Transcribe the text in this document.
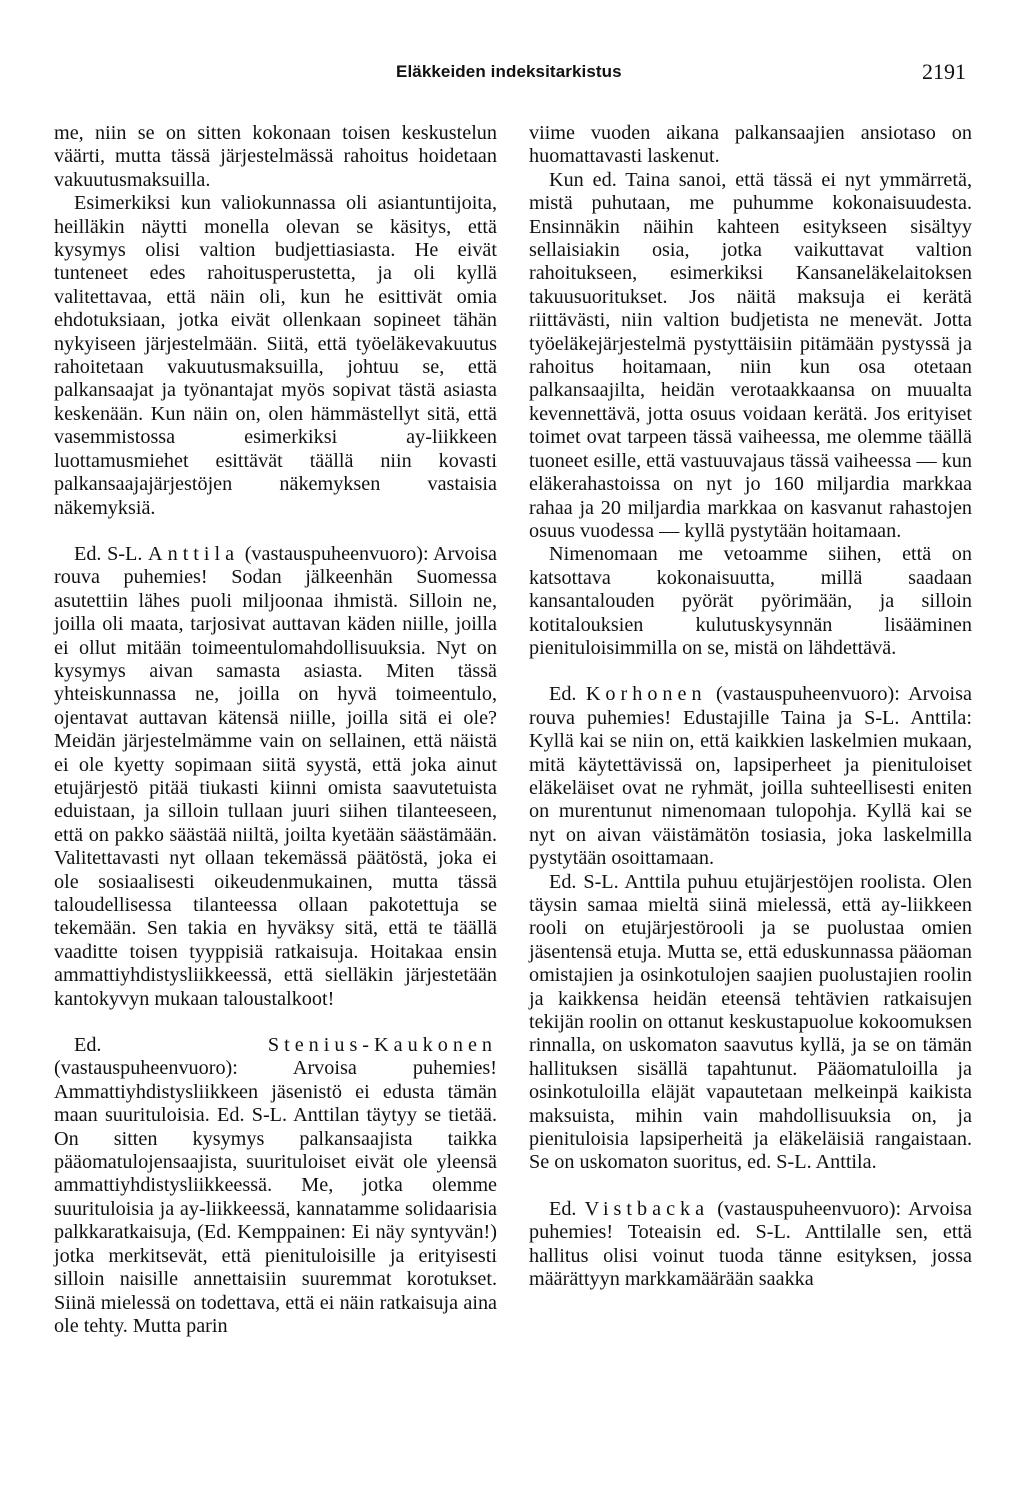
Eläkkeiden indeksitarkistus	2191

me, niin se on sitten kokonaan toisen keskustelun väärti, mutta tässä järjestelmässä rahoitus hoidetaan vakuutusmaksuilla.

Esimerkiksi kun valiokunnassa oli asiantuntijoita, heilläkin näytti monella olevan se käsitys, että kysymys olisi valtion budjettiasiasta. He eivät tunteneet edes rahoitusperustetta, ja oli kyllä valitettavaa, että näin oli, kun he esittivät omia ehdotuksiaan, jotka eivät ollenkaan sopineet tähän nykyiseen järjestelmään. Siitä, että työeläkevakuutus rahoitetaan vakuutusmaksuilla, johtuu se, että palkansaajat ja työnantajat myös sopivat tästä asiasta keskenään. Kun näin on, olen hämmästellyt sitä, että vasemmistossa esimerkiksi ay-liikkeen luottamusmiehet esittävät täällä niin kovasti palkansaajajärjestöjen näkemyksen vastaisia näkemyksiä.

Ed. S-L. Anttila (vastauspuheenvuoro): Arvoisa rouva puhemies! Sodan jälkeenhän Suomessa asutettiin lähes puoli miljoonaa ihmistä. Silloin ne, joilla oli maata, tarjosivat auttavan käden niille, joilla ei ollut mitään toimeentulomahdollisuuksia. Nyt on kysymys aivan samasta asiasta. Miten tässä yhteiskunnassa ne, joilla on hyvä toimeentulo, ojentavat auttavan kätensä niille, joilla sitä ei ole? Meidän järjestelmämme vain on sellainen, että näistä ei ole kyetty sopimaan siitä syystä, että joka ainut etujärjestö pitää tiukasti kiinni omista saavutetuista eduistaan, ja silloin tullaan juuri siihen tilanteeseen, että on pakko säästää niiltä, joilta kyetään säästämään. Valitettavasti nyt ollaan tekemässä päätöstä, joka ei ole sosiaalisesti oikeudenmukainen, mutta tässä taloudellisessa tilanteessa ollaan pakotettuja se tekemään. Sen takia en hyväksy sitä, että te täällä vaaditte toisen tyyppisiä ratkaisuja. Hoitakaa ensin ammattiyhdistysliikkeessä, että sielläkin järjestetään kantokyvyn mukaan taloustalkoot!

Ed. Stenius-Kaukonen (vastauspuheenvuoro): Arvoisa puhemies! Ammattiyhdistysliikkeen jäsenistö ei edusta tämän maan suurituloisia. Ed. S-L. Anttilan täytyy se tietää. On sitten kysymys palkansaajista taikka pääomatulojensaajista, suurituloiset eivät ole yleensä ammattiyhdistysliikkeessä. Me, jotka olemme suurituloisia ja ay-liikkeessä, kannatamme solidaarisia palkkaratkaisuja, (Ed. Kemppainen: Ei näy syntyvän!) jotka merkitsevät, että pienituloisille ja erityisesti silloin naisille annettaisiin suuremmat korotukset. Siinä mielessä on todettava, että ei näin ratkaisuja aina ole tehty. Mutta parin

viime vuoden aikana palkansaajien ansiotaso on huomattavasti laskenut.

Kun ed. Taina sanoi, että tässä ei nyt ymmärretä, mistä puhutaan, me puhumme kokonaisuudesta. Ensinnäkin näihin kahteen esitykseen sisältyy sellaisiakin osia, jotka vaikuttavat valtion rahoitukseen, esimerkiksi Kansaneläkelaitoksen takuusuoritukset. Jos näitä maksuja ei kerätä riittävästi, niin valtion budjetista ne menevät. Jotta työeläkejärjestelmä pystyttäisiin pitämään pystyssä ja rahoitus hoitamaan, niin kun osa otetaan palkansaajilta, heidän verotaakkaansa on muualta kevennettävä, jotta osuus voidaan kerätä. Jos erityiset toimet ovat tarpeen tässä vaiheessa, me olemme täällä tuoneet esille, että vastuuvajaus tässä vaiheessa — kun eläkerahastoissa on nyt jo 160 miljardia markkaa rahaa ja 20 miljardia markkaa on kasvanut rahastojen osuus vuodessa — kyllä pystytään hoitamaan.

Nimenomaan me vetoamme siihen, että on katsottava kokonaisuutta, millä saadaan kansantalouden pyörät pyörimään, ja silloin kotitalouksien kulutuskysynnän lisääminen pienituloisimmilla on se, mistä on lähdettävä.

Ed. Korhonen (vastauspuheenvuoro): Arvoisa rouva puhemies! Edustajille Taina ja S-L. Anttila: Kyllä kai se niin on, että kaikkien laskelmien mukaan, mitä käytettävissä on, lapsiperheet ja pienituloiset eläkeläiset ovat ne ryhmät, joilla suhteellisesti eniten on murentunut nimenomaan tulopohja. Kyllä kai se nyt on aivan väistämätön tosiasia, joka laskelmilla pystytään osoittamaan.

Ed. S-L. Anttila puhuu etujärjestöjen roolista. Olen täysin samaa mieltä siinä mielessä, että ay-liikkeen rooli on etujärjestörooli ja se puolustaa omien jäsentensä etuja. Mutta se, että eduskunnassa pääoman omistajien ja osinkotulojen saajien puolustajien roolin ja kaikkensa heidän eteensä tehtävien ratkaisujen tekijän roolin on ottanut keskustapuolue kokoomuksen rinnalla, on uskomaton saavutus kyllä, ja se on tämän hallituksen sisällä tapahtunut. Pääomatuloilla ja osinkotuloilla eläjät vapautetaan melkeinpä kaikista maksuista, mihin vain mahdollisuuksia on, ja pienituloisia lapsiperheitä ja eläkeläisiä rangaistaan. Se on uskomaton suoritus, ed. S-L. Anttila.

Ed. Vistbacka (vastauspuheenvuoro): Arvoisa puhemies! Toteaisin ed. S-L. Anttilalle sen, että hallitus olisi voinut tuoda tänne esityksen, jossa määrättyyn markkamäärään saakka
